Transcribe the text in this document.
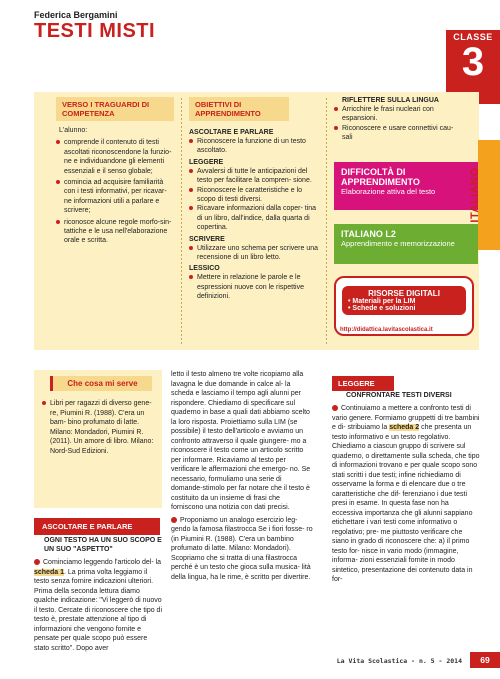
Federica Bergamini
TESTI MISTI	CLASSE
3
VERSO I TRAGUARDI DI COMPETENZA
L'alunno:
comprende il contenuto di testi ascoltati riconoscendone la funzio- ne e individuandone gli elementi essenziali e il senso globale;
comincia ad acquisire familiarità con i testi informativi, per ricavar- ne informazioni utili a parlare e scrivere;
riconosce alcune regole morfo-sin- tattiche e le usa nell'elaborazione orale e scritta.
OBIETTIVI DI APPRENDIMENTO
ASCOLTARE E PARLARE
Riconoscere la funzione di un testo ascoltato.
LEGGERE
Avvalersi di tutte le anticipazioni del testo per facilitare la compren- sione.
Riconoscere le caratteristiche e lo scopo di testi diversi.
Ricavare informazioni dalla coper- tina di un libro, dall'indice, dalla quarta di copertina.
SCRIVERE
Utilizzare uno schema per scrivere una recensione di un libro letto.
LESSICO
Mettere in relazione le parole e le espressioni nuove con le rispettive definizioni.
RIFLETTERE SULLA LINGUA
Arricchire le frasi nucleari con espansioni.
Riconoscere e usare connettivi cau- sali
DIFFICOLTÀ DI APPRENDIMENTO
Elaborazione attiva del testo
ITALIANO L2
Apprendimento e memorizzazione
RISORSE DIGITALI
• Materiali per la LIM
• Schede e soluzioni
http://didattica.lavitascolastica.it
ITALIANO
Che cosa mi serve
Libri per ragazzi di diverso gene- re, Piumini R. (1988). C'era un bam- bino profumato di latte. Milano: Mondadori, Piumini R. (2011). Un amore di libro. Milano: Nord-Sud Edizioni.
ASCOLTARE E PARLARE
OGNI TESTO HA UN SUO SCOPO E UN SUO "ASPETTO"
Cominciamo leggendo l'articolo del- la scheda 1. La prima volta leggiamo il testo senza fornire indicazioni ulteriori. Prima della seconda lettura diamo qualche indicazione: "Vi leggerò di nuovo il testo. Cercate di riconoscere che tipo di testo è, prestate attenzione al tipo di informazioni che vengono fornite e pensate per quale scopo può essere stato scritto". Dopo aver
letto il testo almeno tre volte ricopiamo alla lavagna le due domande in calce al- la scheda e lasciamo il tempo agli alunni per rispondere. Chiediamo di specificare sul quaderno in base a quali dati abbiamo scelto la loro risposta. Proiettiamo sulla LIM (se possibile) il testo dell'articolo e avviamo un confronto attraverso il quale giungere- mo a riconoscere il testo come un articolo scritto per informare. Ricaviamo al testo per verificare le affermazioni che emergo- no. Se necessario, formuliamo una serie di domande-stimolo per far notare che il testo è costituito da un insieme di frasi che forniscono una notizia con dati precisi.
Proponiamo un analogo esercizio leg- gendo la famosa filastrocca Se i fiori fosse- ro (in Piumini R. (1988). C'era un bambino profumato di latte. Milano: Mondadori). Scopriamo che si tratta di una filastrocca perché è un testo che gioca sulla musica- lità della lingua, ha le rime, è scritto per divertire.
LEGGERE
CONFRONTARE TESTI DIVERSI
Continuiamo a mettere a confronto testi di vario genere. Formiamo gruppetti di tre bambini e di- stribuiamo la scheda 2 che presenta un testo informativo e un testo regolativo. Chiediamo a ciascun gruppo di scrivere sul quaderno, o direttamente sulla scheda, che tipo di informazioni trovano e per quale scopo sono stati scritti i due testi; infine richiediamo di osservarne la forma e di elencare due o tre caratteristiche che dif- ferenziano i due testi presi in esame. In questa fase non ha eccessiva importanza che gli alunni sappiano etichettare i vari testi come informativo o regolativo; pre- me piuttosto verificare che siano in grado di riconoscere che: a) il primo testo for- nisce in vario modo (immagine, informa- zioni essenziali fornite in modo sintetico, presentazione dei contenuto data in for-
La Vita Scolastica - n. 5 - 2014	69
